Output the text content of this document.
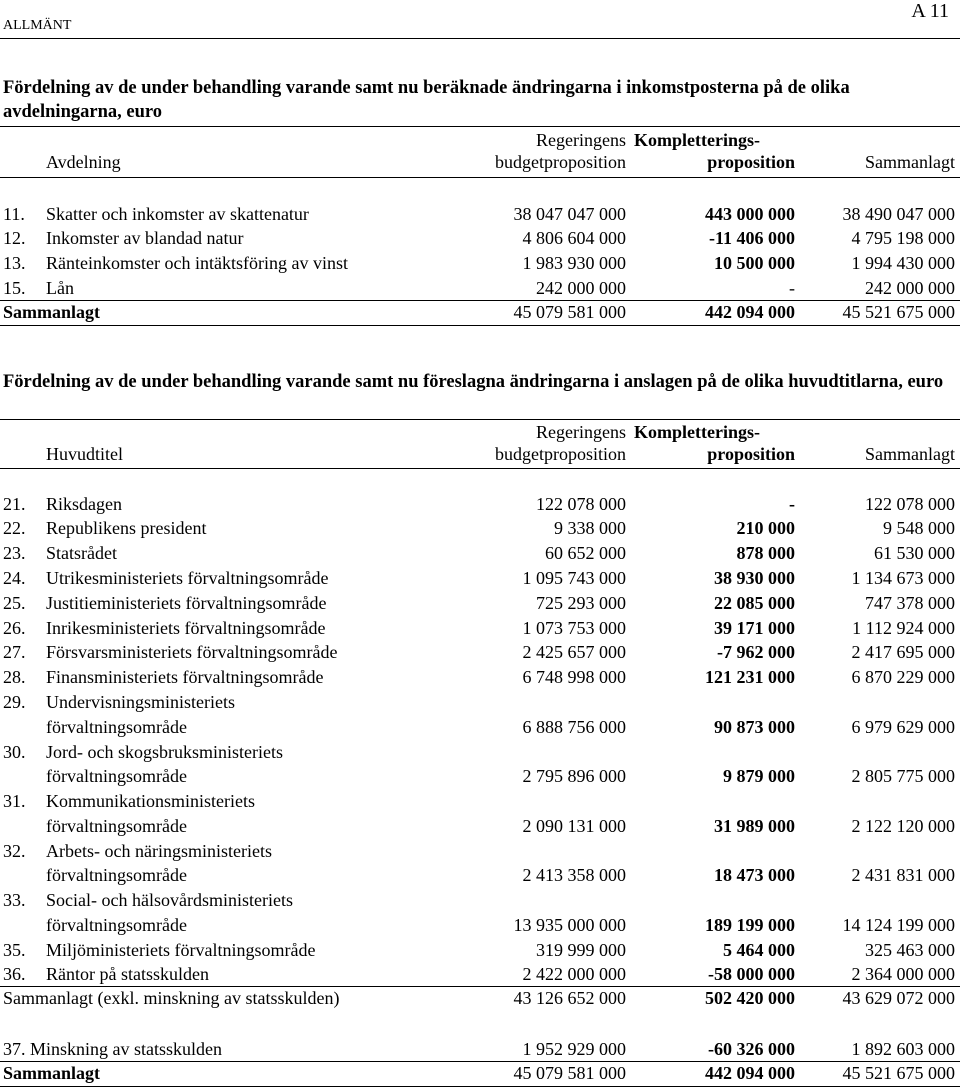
ALLMÄNT
A 11
Fördelning av de under behandling varande samt nu beräknade ändringarna i inkomstposterna på de olika avdelningarna, euro
Regeringens Kompletterings-
Avdelning	budgetproposition	proposition	Sammanlagt
11. Skatter och inkomster av skattenatur	38 047 047 000	443 000 000	38 490 047 000
12. Inkomster av blandad natur	4 806 604 000	-11 406 000	4 795 198 000
13. Ränteinkomster och intäktsföring av vinst	1 983 930 000	10 500 000	1 994 430 000
15. Lån	242 000 000	-	242 000 000
Sammanlagt	45 079 581 000	442 094 000	45 521 675 000
Fördelning av de under behandling varande samt nu föreslagna ändringarna i anslagen på de olika huvudtitlarna, euro
Regeringens Kompletterings-
Huvudtitel	budgetproposition	proposition	Sammanlagt
21. Riksdagen	122 078 000	-	122 078 000
22. Republikens president	9 338 000	210 000	9 548 000
23. Statsrådet	60 652 000	878 000	61 530 000
24. Utrikesministeriets förvaltningsområde	1 095 743 000	38 930 000	1 134 673 000
25. Justitieministeriets förvaltningsområde	725 293 000	22 085 000	747 378 000
26. Inrikesministeriets förvaltningsområde	1 073 753 000	39 171 000	1 112 924 000
27. Försvarsministeriets förvaltningsområde	2 425 657 000	-7 962 000	2 417 695 000
28. Finansministeriets förvaltningsområde	6 748 998 000	121 231 000	6 870 229 000
29. Undervisningsministeriets
förvaltningsområde	6 888 756 000	90 873 000	6 979 629 000
30. Jord- och skogsbruksministeriets
förvaltningsområde	2 795 896 000	9 879 000	2 805 775 000
31. Kommunikationsministeriets
förvaltningsområde	2 090 131 000	31 989 000	2 122 120 000
32. Arbets- och näringsministeriets
förvaltningsområde	2 413 358 000	18 473 000	2 431 831 000
33. Social- och hälsovårdsministeriets
förvaltningsområde	13 935 000 000	189 199 000	14 124 199 000
35. Miljöministeriets förvaltningsområde	319 999 000	5 464 000	325 463 000
36. Räntor på statsskulden	2 422 000 000	-58 000 000	2 364 000 000
Sammanlagt (exkl. minskning av statsskulden)	43 126 652 000	502 420 000	43 629 072 000
37. Minskning av statsskulden	1 952 929 000	-60 326 000	1 892 603 000
Sammanlagt	45 079 581 000	442 094 000	45 521 675 000
